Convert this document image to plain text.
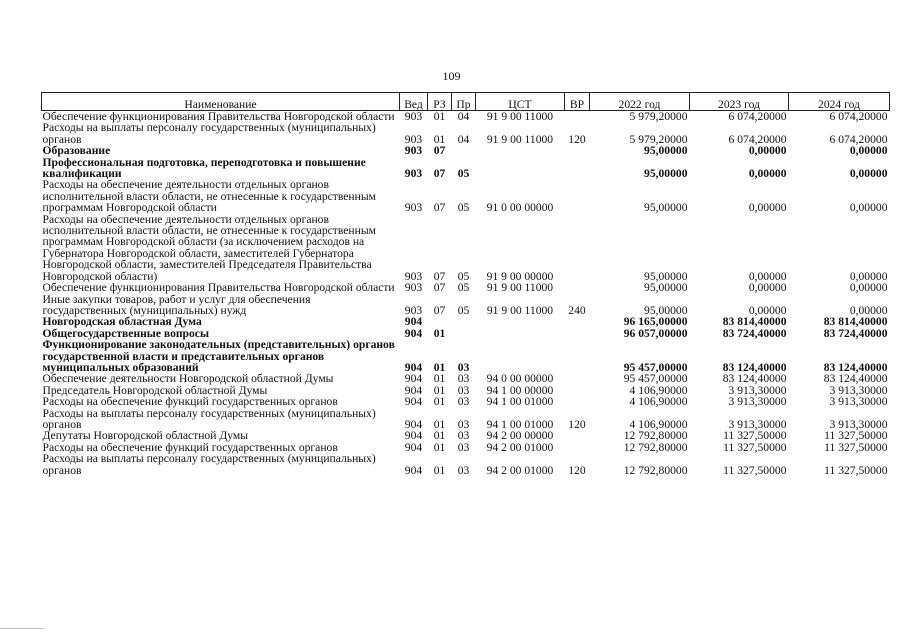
109
Наименование	Вед	РЗ	Пр	ЦСТ	ВР	2022 год	2023 год	2024 год
Обеспечение функционирования Правительства Новгородской области	903	01	04	91 9 00 11000		5 979,20000	6 074,20000	6 074,20000
Расходы на выплаты персоналу государственных (муниципальных) органов	903	01	04	91 9 00 11000	120	5 979,20000	6 074,20000	6 074,20000
Образование	903	07				95,00000	0,00000	0,00000
Профессиональная подготовка, переподготовка и повышение квалификации	903	07	05			95,00000	0,00000	0,00000
Расходы на обеспечение деятельности отдельных органов исполнительной власти области, не отнесенные к государственным программам Новгородской области	903	07	05	91 0 00 00000		95,00000	0,00000	0,00000
Расходы на обеспечение деятельности отдельных органов исполнительной власти области, не отнесенные к государственным программам Новгородской области (за исключением расходов на Губернатора Новгородской области, заместителей Губернатора Новгородской области, заместителей Председателя Правительства Новгородской области)	903	07	05	91 9 00 00000		95,00000	0,00000	0,00000
Обеспечение функционирования Правительства Новгородской области	903	07	05	91 9 00 11000		95,00000	0,00000	0,00000
Иные закупки товаров, работ и услуг для обеспечения государственных (муниципальных) нужд	903	07	05	91 9 00 11000	240	95,00000	0,00000	0,00000
Новгородская областная Дума	904					96 165,00000	83 814,40000	83 814,40000
Общегосударственные вопросы	904	01				96 057,00000	83 724,40000	83 724,40000
Функционирование законодательных (представительных) органов государственной власти и представительных органов муниципальных образований	904	01	03			95 457,00000	83 124,40000	83 124,40000
Обеспечение деятельности Новгородской областной Думы	904	01	03	94 0 00 00000		95 457,00000	83 124,40000	83 124,40000
Председатель Новгородской областной Думы	904	01	03	94 1 00 00000		4 106,90000	3 913,30000	3 913,30000
Расходы на обеспечение функций государственных органов	904	01	03	94 1 00 01000		4 106,90000	3 913,30000	3 913,30000
Расходы на выплаты персоналу государственных (муниципальных) органов	904	01	03	94 1 00 01000	120	4 106,90000	3 913,30000	3 913,30000
Депутаты Новгородской областной Думы	904	01	03	94 2 00 00000		12 792,80000	11 327,50000	11 327,50000
Расходы на обеспечение функций государственных органов	904	01	03	94 2 00 01000		12 792,80000	11 327,50000	11 327,50000
Расходы на выплаты персоналу государственных (муниципальных) органов	904	01	03	94 2 00 01000	120	12 792,80000	11 327,50000	11 327,50000
